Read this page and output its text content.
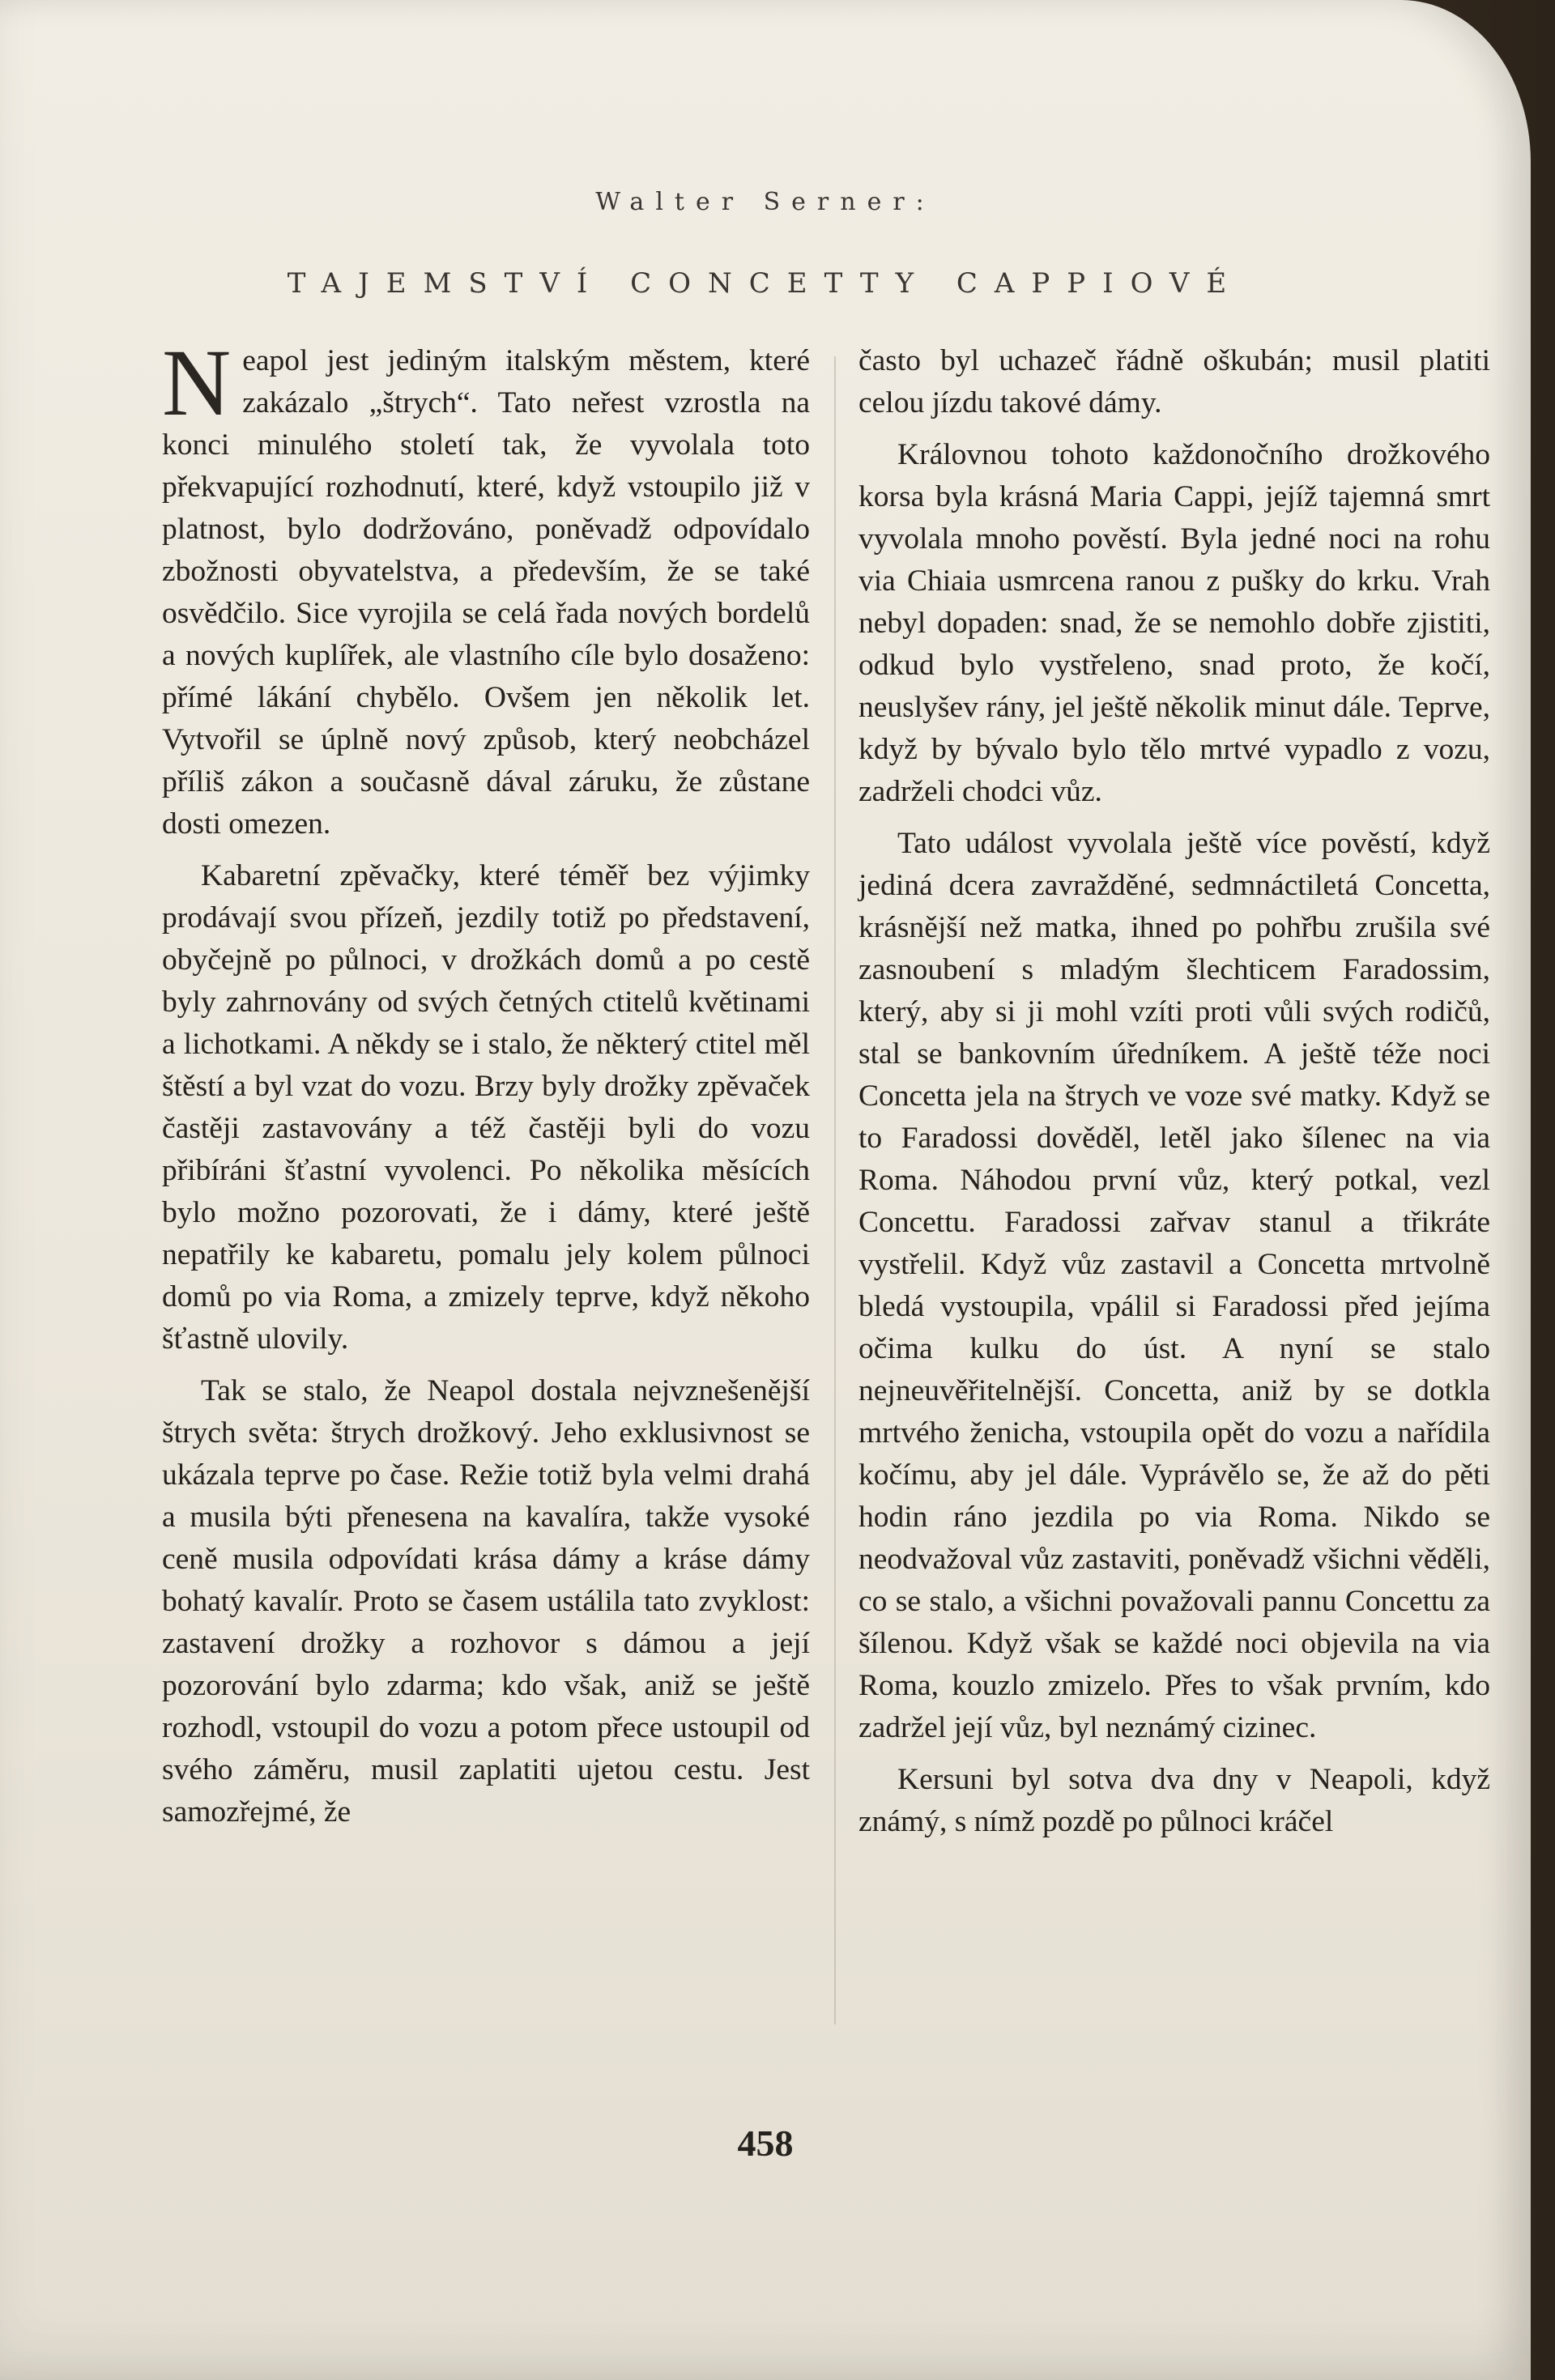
Walter Serner:
TAJEMSTVÍ CONCETTY CAPPIOVÉ

Neapol jest jediným italským městem, které zakázalo „štrych“. Tato neřest vzrostla na konci minulého století tak, že vyvolala toto překvapující rozhodnutí, které, když vstoupilo již v platnost, bylo dodržováno, poněvadž odpovídalo zbožnosti obyvatelstva, a především, že se také osvědčilo. Sice vyrojila se celá řada nových bordelů a nových kuplířek, ale vlastního cíle bylo dosaženo: přímé lákání chybělo. Ovšem jen několik let. Vytvořil se úplně nový způsob, který neobcházel příliš zákon a současně dával záruku, že zůstane dosti omezen.

Kabaretní zpěvačky, které téměř bez výjimky prodávají svou přízeň, jezdily totiž po představení, obyčejně po půlnoci, v drožkách domů a po cestě byly zahrnovány od svých četných ctitelů květinami a lichotkami. A někdy se i stalo, že některý ctitel měl štěstí a byl vzat do vozu. Brzy byly drožky zpěvaček častěji zastavovány a též častěji byli do vozu přibíráni šťastní vyvolenci. Po několika měsících bylo možno pozorovati, že i dámy, které ještě nepatřily ke kabaretu, pomalu jely kolem půlnoci domů po via Roma, a zmizely teprve, když někoho šťastně ulovily.

Tak se stalo, že Neapol dostala nejvznešenější štrych světa: štrych drožkový. Jeho exklusivnost se ukázala teprve po čase. Režie totiž byla velmi drahá a musila býti přenesena na kavalíra, takže vysoké ceně musila odpovídati krása dámy a kráse dámy bohatý kavalír. Proto se časem ustálila tato zvyklost: zastavení drožky a rozhovor s dámou a její pozorování bylo zdarma; kdo však, aniž se ještě rozhodl, vstoupil do vozu a potom přece ustoupil od svého záměru, musil zaplatiti ujetou cestu. Jest samozřejmé, že

často byl uchazeč řádně oškubán; musil platiti celou jízdu takové dámy.

Královnou tohoto každonočního drožkového korsa byla krásná Maria Cappi, jejíž tajemná smrt vyvolala mnoho pověstí. Byla jedné noci na rohu via Chiaia usmrcena ranou z pušky do krku. Vrah nebyl dopaden: snad, že se nemohlo dobře zjistiti, odkud bylo vystřeleno, snad proto, že kočí, neuslyšev rány, jel ještě několik minut dále. Teprve, když by bývalo bylo tělo mrtvé vypadlo z vozu, zadrželi chodci vůz.

Tato událost vyvolala ještě více pověstí, když jediná dcera zavražděné, sedmnáctiletá Concetta, krásnější než matka, ihned po pohřbu zrušila své zasnoubení s mladým šlechticem Faradossim, který, aby si ji mohl vzíti proti vůli svých rodičů, stal se bankovním úředníkem. A ještě téže noci Concetta jela na štrych ve voze své matky. Když se to Faradossi dověděl, letěl jako šílenec na via Roma. Náhodou první vůz, který potkal, vezl Concettu. Faradossi zařvav stanul a třikráte vystřelil. Když vůz zastavil a Concetta mrtvolně bledá vystoupila, vpálil si Faradossi před jejíma očima kulku do úst. A nyní se stalo nejneuvěřitelnější. Concetta, aniž by se dotkla mrtvého ženicha, vstoupila opět do vozu a nařídila kočímu, aby jel dále. Vyprávělo se, že až do pěti hodin ráno jezdila po via Roma. Nikdo se neodvažoval vůz zastaviti, poněvadž všichni věděli, co se stalo, a všichni považovali pannu Concettu za šílenou. Když však se každé noci objevila na via Roma, kouzlo zmizelo. Přes to však prvním, kdo zadržel její vůz, byl neznámý cizinec.

Kersuni byl sotva dva dny v Neapoli, když známý, s nímž pozdě po půlnoci kráčel

458
